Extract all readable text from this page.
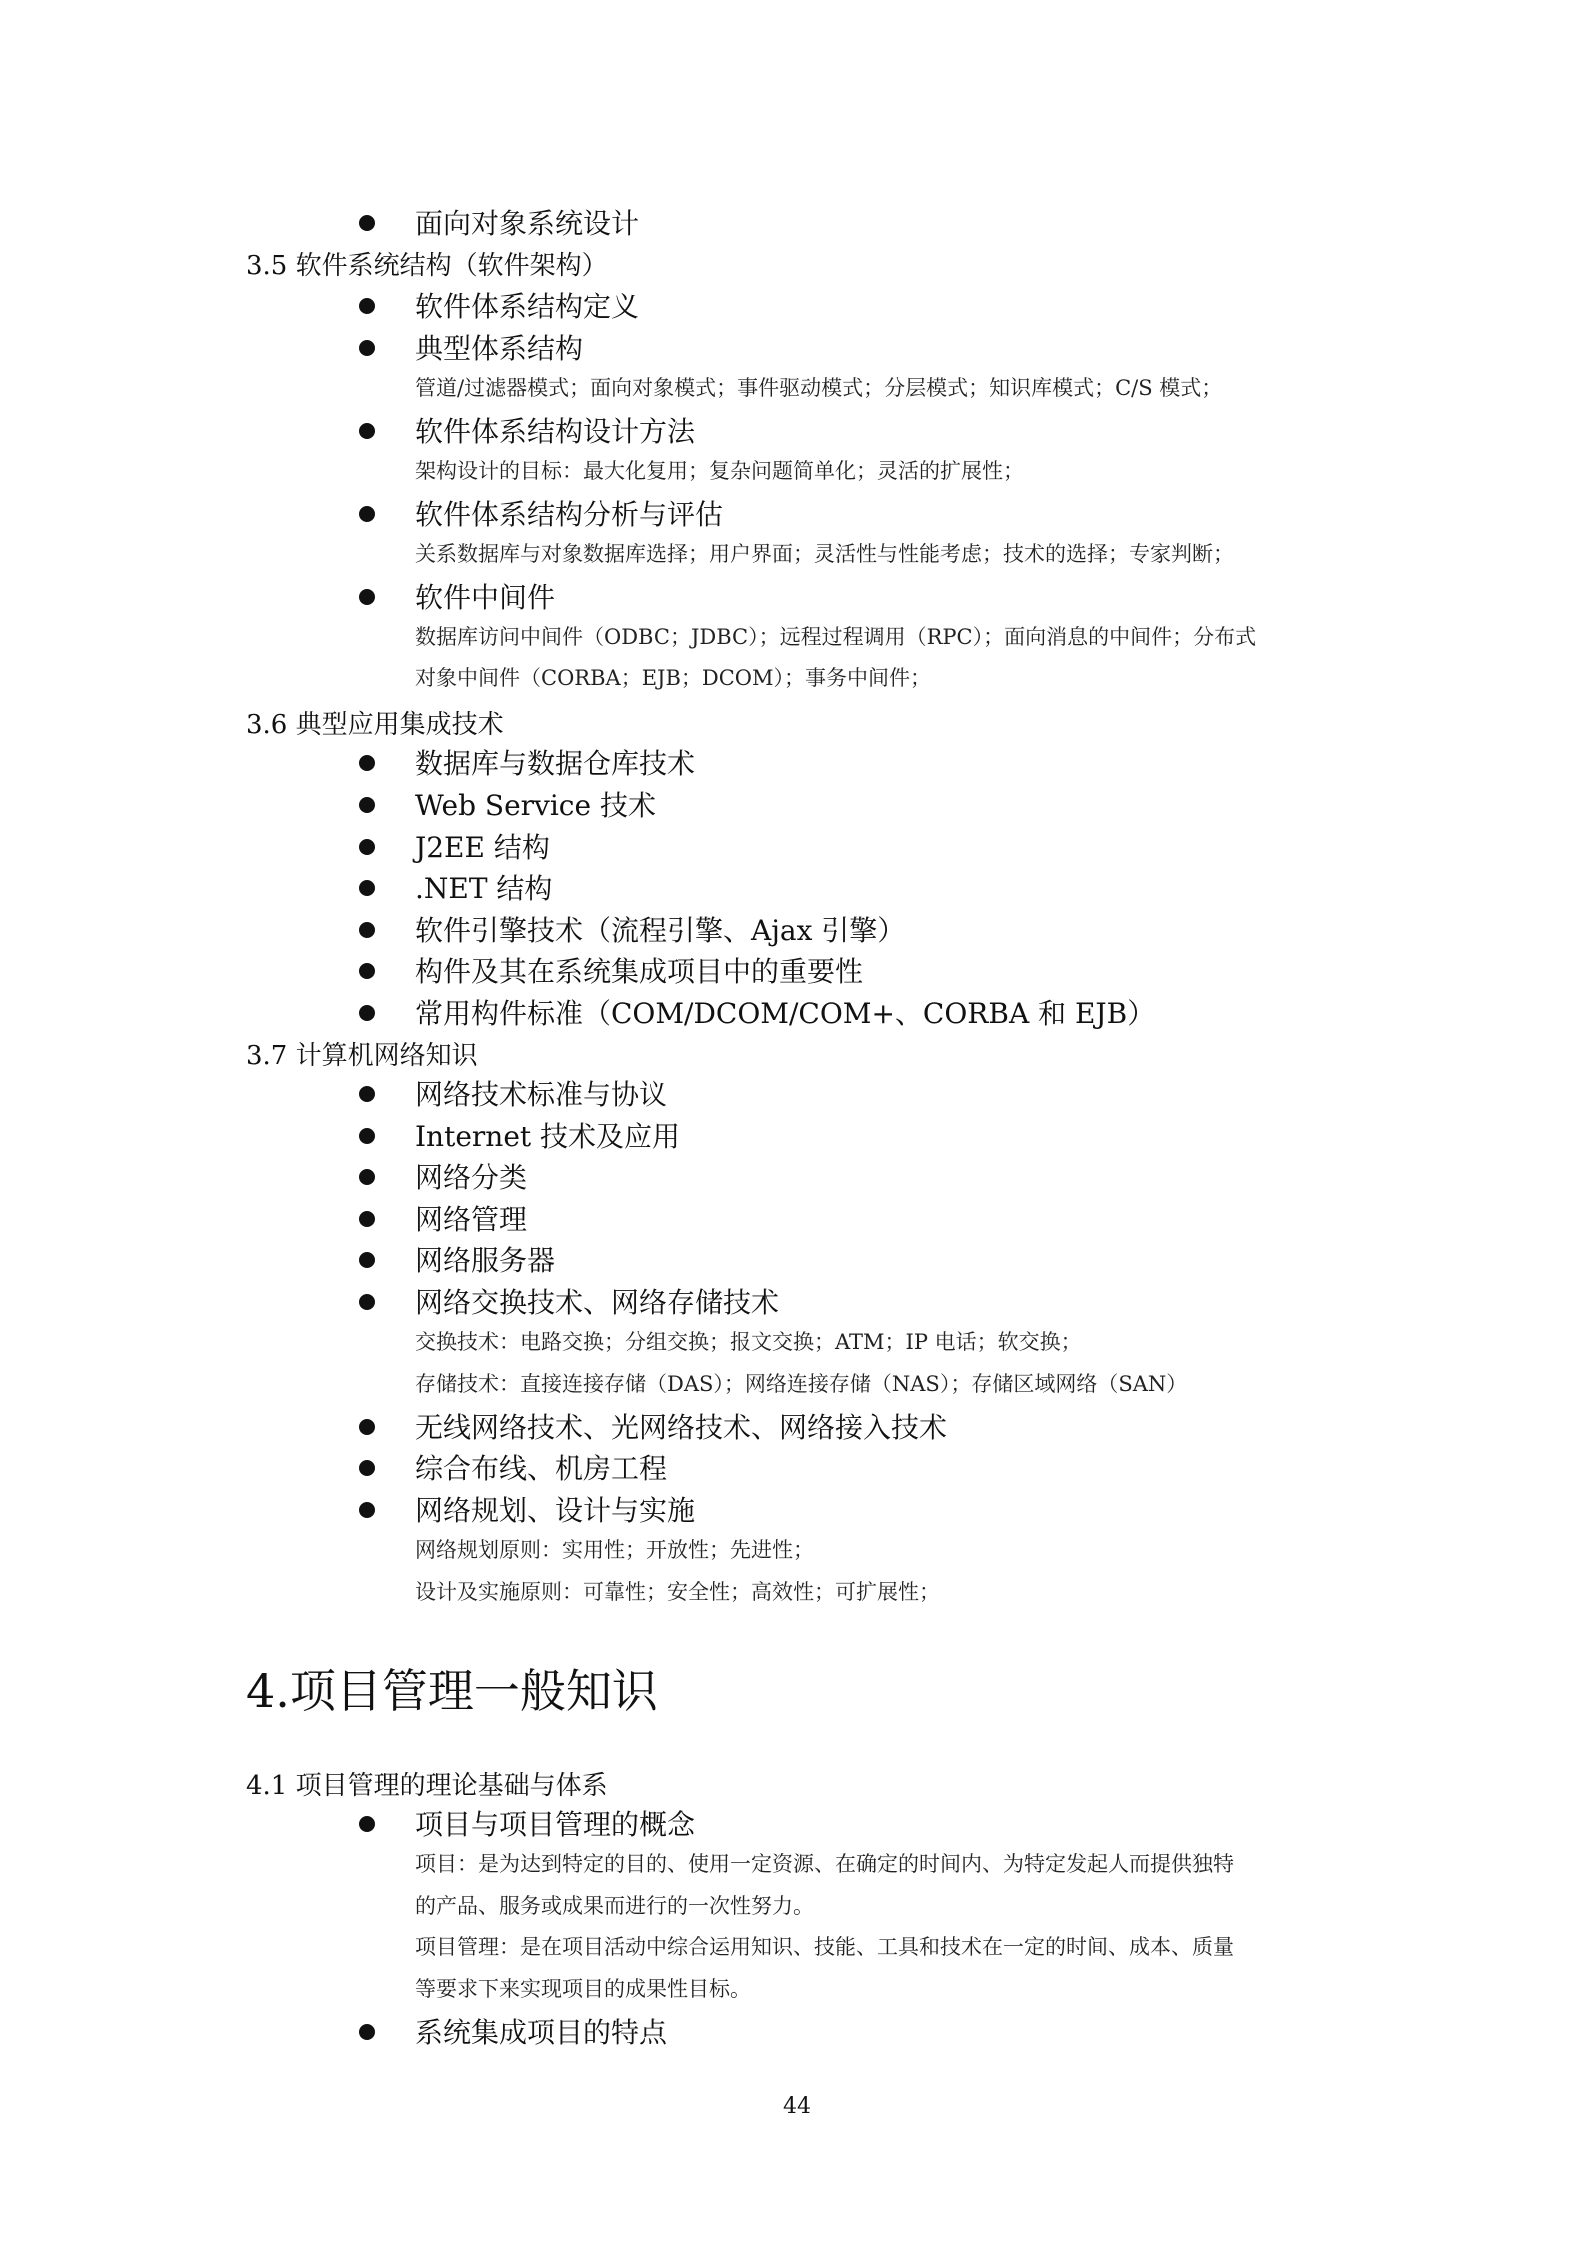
面向对象系统设计
3.5 软件系统结构（软件架构）
软件体系结构定义
典型体系结构
管道/过滤器模式；面向对象模式；事件驱动模式；分层模式；知识库模式；C/S 模式；
软件体系结构设计方法
架构设计的目标：最大化复用；复杂问题简单化；灵活的扩展性；
软件体系结构分析与评估
关系数据库与对象数据库选择；用户界面；灵活性与性能考虑；技术的选择；专家判断；
软件中间件
数据库访问中间件（ODBC；JDBC）；远程过程调用（RPC）；面向消息的中间件；分布式
对象中间件（CORBA；EJB；DCOM）；事务中间件；
3.6 典型应用集成技术
数据库与数据仓库技术
Web Service 技术
J2EE 结构
.NET 结构
软件引擎技术（流程引擎、Ajax 引擎）
构件及其在系统集成项目中的重要性
常用构件标准（COM/DCOM/COM+、CORBA 和 EJB）
3.7 计算机网络知识
网络技术标准与协议
Internet 技术及应用
网络分类
网络管理
网络服务器
网络交换技术、网络存储技术
交换技术：电路交换；分组交换；报文交换；ATM；IP 电话；软交换；
存储技术：直接连接存储（DAS）；网络连接存储（NAS）；存储区域网络（SAN）
无线网络技术、光网络技术、网络接入技术
综合布线、机房工程
网络规划、设计与实施
网络规划原则：实用性；开放性；先进性；
设计及实施原则：可靠性；安全性；高效性；可扩展性；
4.项目管理一般知识
4.1 项目管理的理论基础与体系
项目与项目管理的概念
项目：是为达到特定的目的、使用一定资源、在确定的时间内、为特定发起人而提供独特
的产品、服务或成果而进行的一次性努力。
项目管理：是在项目活动中综合运用知识、技能、工具和技术在一定的时间、成本、质量
等要求下来实现项目的成果性目标。
系统集成项目的特点
44
